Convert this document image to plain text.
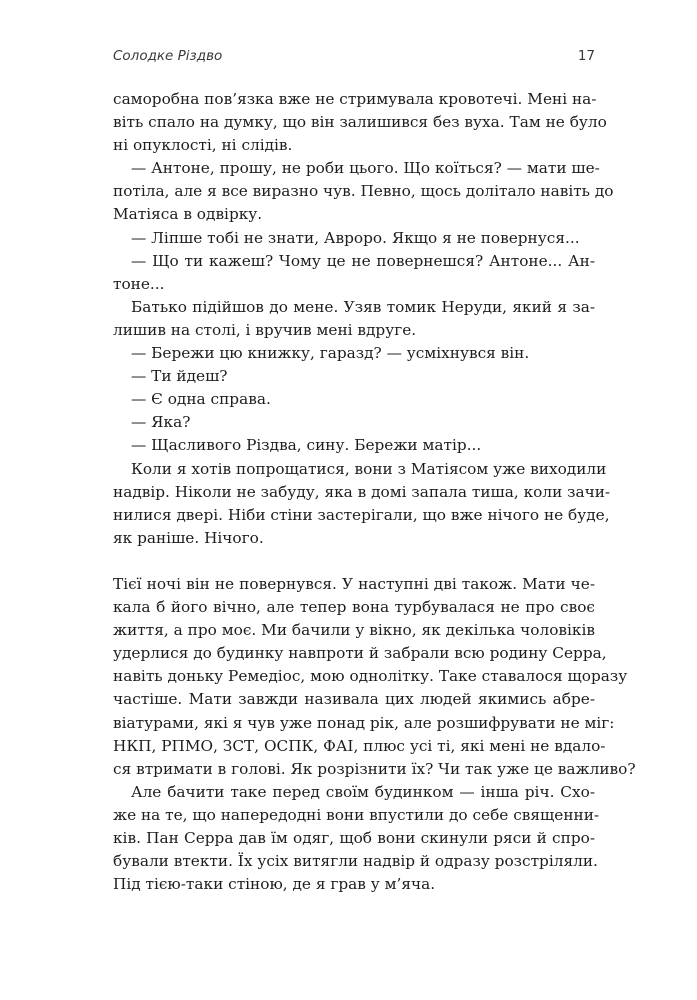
Солодке Різдво	17
саморобна пов’язка вже не стримувала кровотечі. Мені на-
віть спало на думку, що він залишився без вуха. Там не було
ні опуклості, ні слідів.
— Антоне, прошу, не роби цього. Що коїться? — мати ше-
потіла, але я все виразно чув. Певно, щось долітало навіть до
Матіяса в одвірку.
— Ліпше тобі не знати, Авроро. Якщо я не повернуся...
— Що ти кажеш? Чому це не повернешся? Антоне... Ан-
тоне...
Батько підійшов до мене. Узяв томик Неруди, який я за-
лишив на столі, і вручив мені вдруге.
— Бережи цю книжку, гаразд? — усміхнувся він.
— Ти йдеш?
— Є одна справа.
— Яка?
— Щасливого Різдва, сину. Бережи матір...
Коли я хотів попрощатися, вони з Матіясом уже виходили
надвір. Ніколи не забуду, яка в домі запала тиша, коли зачи-
нилися двері. Ніби стіни застерігали, що вже нічого не буде,
як раніше. Нічого.
Тієї ночі він не повернувся. У наступні дві також. Мати че-
кала б його вічно, але тепер вона турбувалася не про своє
життя, а про моє. Ми бачили у вікно, як декілька чоловіків
удерлися до будинку навпроти й забрали всю родину Серра,
навіть доньку Ремедіос, мою однолітку. Таке ставалося щоразу
частіше. Мати завжди називала цих людей якимись абре-
віатурами, які я чув уже понад рік, але розшифрувати не міг:
НКП, РПМО, ЗСТ, ОСПК, ФАІ, плюс усі ті, які мені не вдало-
ся втримати в голові. Як розрізнити їх? Чи так уже це важливо?
Але бачити таке перед своїм будинком — інша річ. Схо-
же на те, що напередодні вони впустили до себе священни-
ків. Пан Серра дав їм одяг, щоб вони скинули ряси й спро-
бували втекти. Їх усіх витягли надвір й одразу розстріляли.
Під тією-таки стіною, де я грав у м’яча.
